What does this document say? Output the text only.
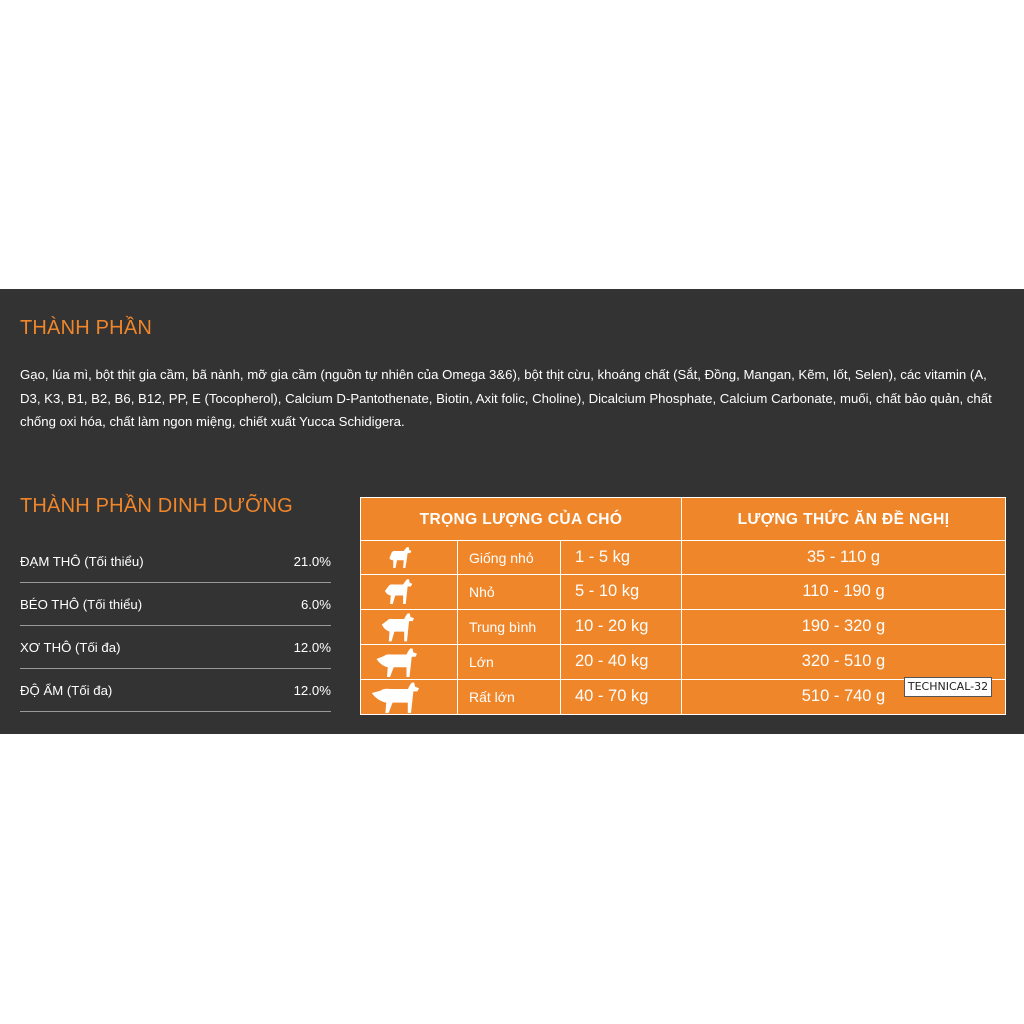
THÀNH PHẦN

Gạo, lúa mì, bột thịt gia cầm, bã nành, mỡ gia cầm (nguồn tự nhiên của Omega 3&6), bột thịt cừu, khoáng chất (Sắt, Đồng, Mangan, Kẽm, Iốt, Selen), các vitamin (A, D3, K3, B1, B2, B6, B12, PP, E (Tocopherol), Calcium D-Pantothenate, Biotin, Axit folic, Choline), Dicalcium Phosphate, Calcium Carbonate, muối, chất bảo quản, chất chống oxi hóa, chất làm ngon miệng, chiết xuất Yucca Schidigera.

THÀNH PHẦN DINH DƯỠNG
ĐẠM THÔ (Tối thiểu)	21.0%
BÉO THÔ (Tối thiểu)	6.0%
XƠ THÔ (Tối đa)	12.0%
ĐỘ ẨM (Tối đa)	12.0%
TRỌNG LƯỢNG CỦA CHÓ	LƯỢNG THỨC ĂN ĐỀ NGHỊ
Giống nhỏ	1 - 5 kg	35 - 110 g
Nhỏ	5 - 10 kg	110 - 190 g
Trung bình 10 - 20 kg	190 - 320 g
Lớn	20 - 40 kg	320 - 510 g
Rất lớn	40 - 70 kg	510 - 740 g
TECHNICAL-32
